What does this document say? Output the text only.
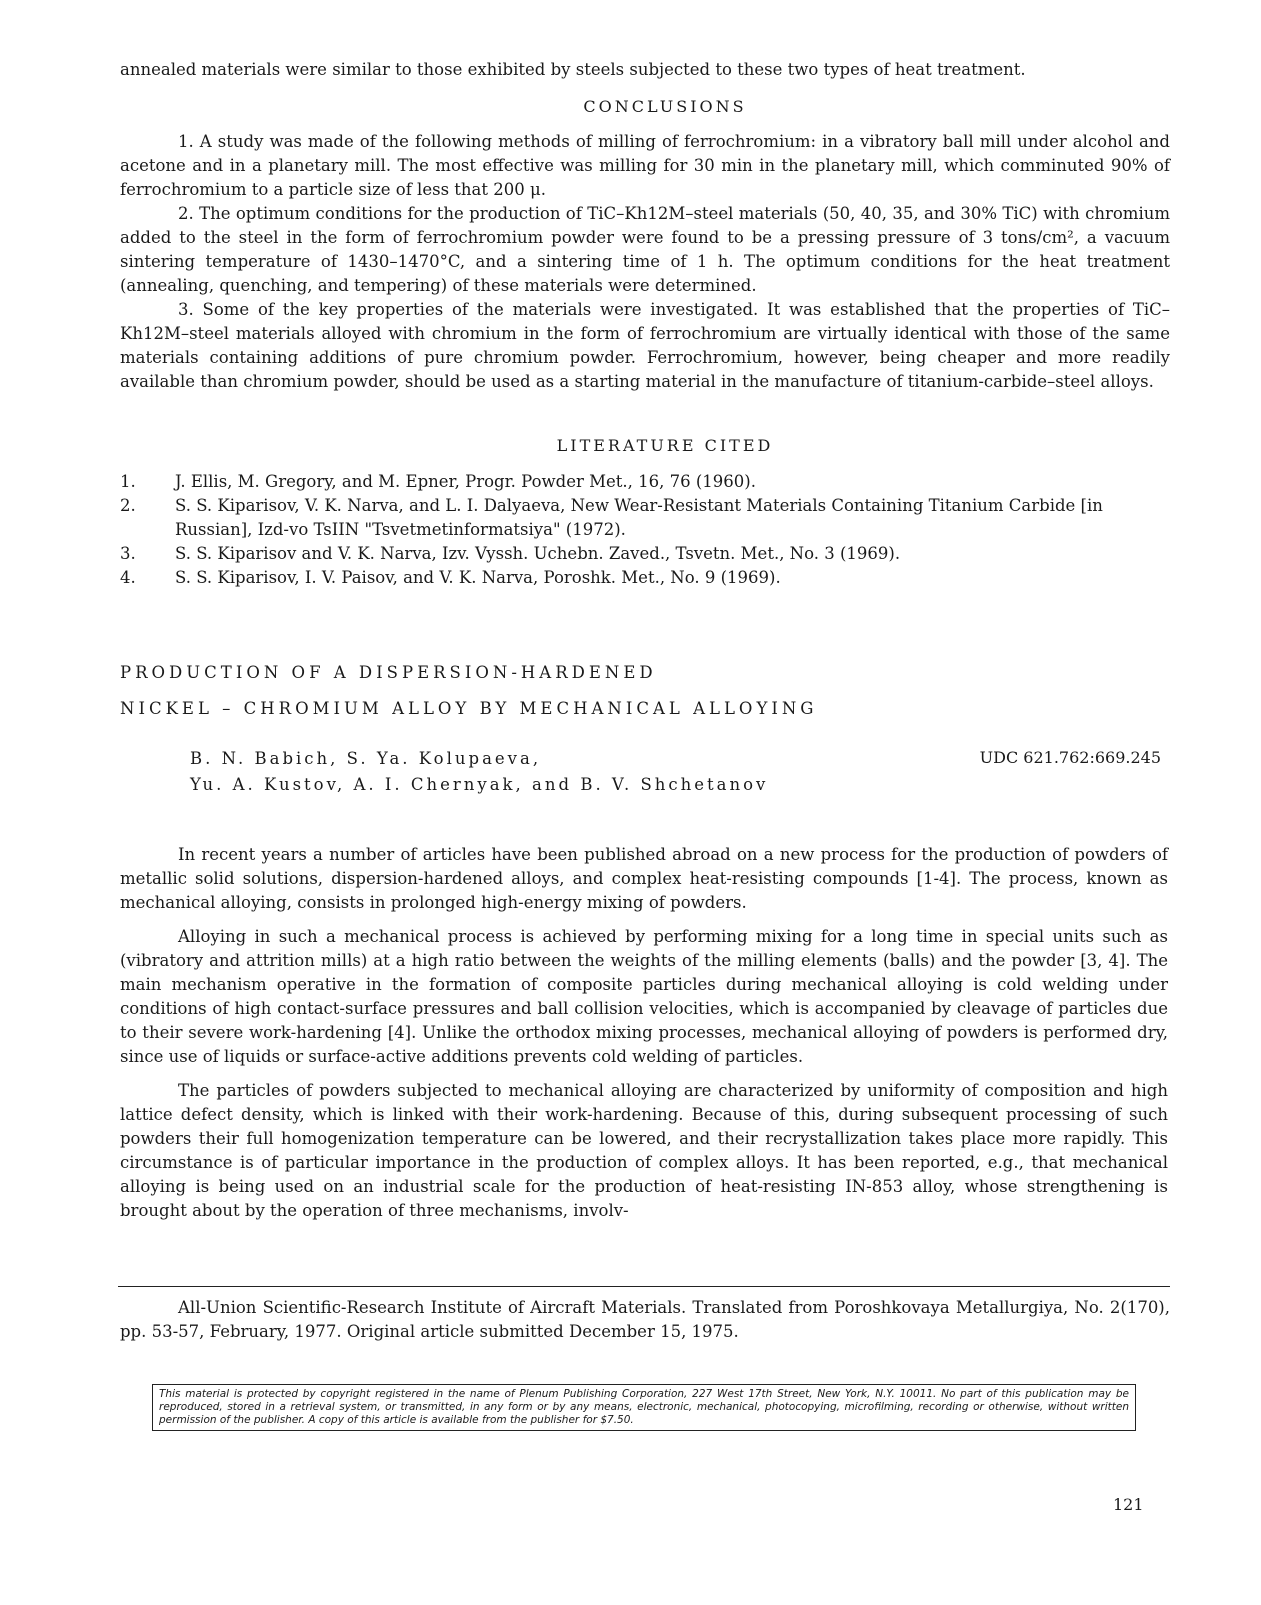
annealed materials were similar to those exhibited by steels subjected to these two types of heat treatment.

CONCLUSIONS

1. A study was made of the following methods of milling of ferrochromium: in a vibratory ball mill under alcohol and acetone and in a planetary mill. The most effective was milling for 30 min in the planetary mill, which comminuted 90% of ferrochromium to a particle size of less that 200 μ.

2. The optimum conditions for the production of TiC–Kh12M–steel materials (50, 40, 35, and 30% TiC) with chromium added to the steel in the form of ferrochromium powder were found to be a pressing pressure of 3 tons/cm², a vacuum sintering temperature of 1430–1470°C, and a sintering time of 1 h. The optimum conditions for the heat treatment (annealing, quenching, and tempering) of these materials were determined.

3. Some of the key properties of the materials were investigated. It was established that the properties of TiC–Kh12M–steel materials alloyed with chromium in the form of ferrochromium are virtually identical with those of the same materials containing additions of pure chromium powder. Ferrochromium, however, being cheaper and more readily available than chromium powder, should be used as a starting material in the manufacture of titanium-carbide–steel alloys.

LITERATURE CITED
1.	J. Ellis, M. Gregory, and M. Epner, Progr. Powder Met., 16, 76 (1960).
2.	S. S. Kiparisov, V. K. Narva, and L. I. Dalyaeva, New Wear-Resistant Materials Containing Titanium Carbide [in Russian], Izd-vo TsIIN "Tsvetmetinformatsiya" (1972).
3.	S. S. Kiparisov and V. K. Narva, Izv. Vyssh. Uchebn. Zaved., Tsvetn. Met., No. 3 (1969).
4.	S. S. Kiparisov, I. V. Paisov, and V. K. Narva, Poroshk. Met., No. 9 (1969).
PRODUCTION OF A DISPERSION-HARDENED
NICKEL – CHROMIUM ALLOY BY MECHANICAL ALLOYING
B. N. Babich, S. Ya. Kolupaeva,
Yu. A. Kustov, A. I. Chernyak, and B. V. Shchetanov
UDC 621.762:669.245

In recent years a number of articles have been published abroad on a new process for the production of powders of metallic solid solutions, dispersion-hardened alloys, and complex heat-resisting compounds [1-4]. The process, known as mechanical alloying, consists in prolonged high-energy mixing of powders.

Alloying in such a mechanical process is achieved by performing mixing for a long time in special units such as (vibratory and attrition mills) at a high ratio between the weights of the milling elements (balls) and the powder [3, 4]. The main mechanism operative in the formation of composite particles during mechanical alloying is cold welding under conditions of high contact-surface pressures and ball collision velocities, which is accompanied by cleavage of particles due to their severe work-hardening [4]. Unlike the orthodox mixing processes, mechanical alloying of powders is performed dry, since use of liquids or surface-active additions prevents cold welding of particles.

The particles of powders subjected to mechanical alloying are characterized by uniformity of composition and high lattice defect density, which is linked with their work-hardening. Because of this, during subsequent processing of such powders their full homogenization temperature can be lowered, and their recrystallization takes place more rapidly. This circumstance is of particular importance in the production of complex alloys. It has been reported, e.g., that mechanical alloying is being used on an industrial scale for the production of heat-resisting IN-853 alloy, whose strengthening is brought about by the operation of three mechanisms, involv-

All-Union Scientific-Research Institute of Aircraft Materials. Translated from Poroshkovaya Metallurgiya, No. 2(170), pp. 53-57, February, 1977. Original article submitted December 15, 1975.

This material is protected by copyright registered in the name of Plenum Publishing Corporation, 227 West 17th Street, New York, N.Y. 10011. No part of this publication may be reproduced, stored in a retrieval system, or transmitted, in any form or by any means, electronic, mechanical, photocopying, microfilming, recording or otherwise, without written permission of the publisher. A copy of this article is available from the publisher for $7.50.
121
